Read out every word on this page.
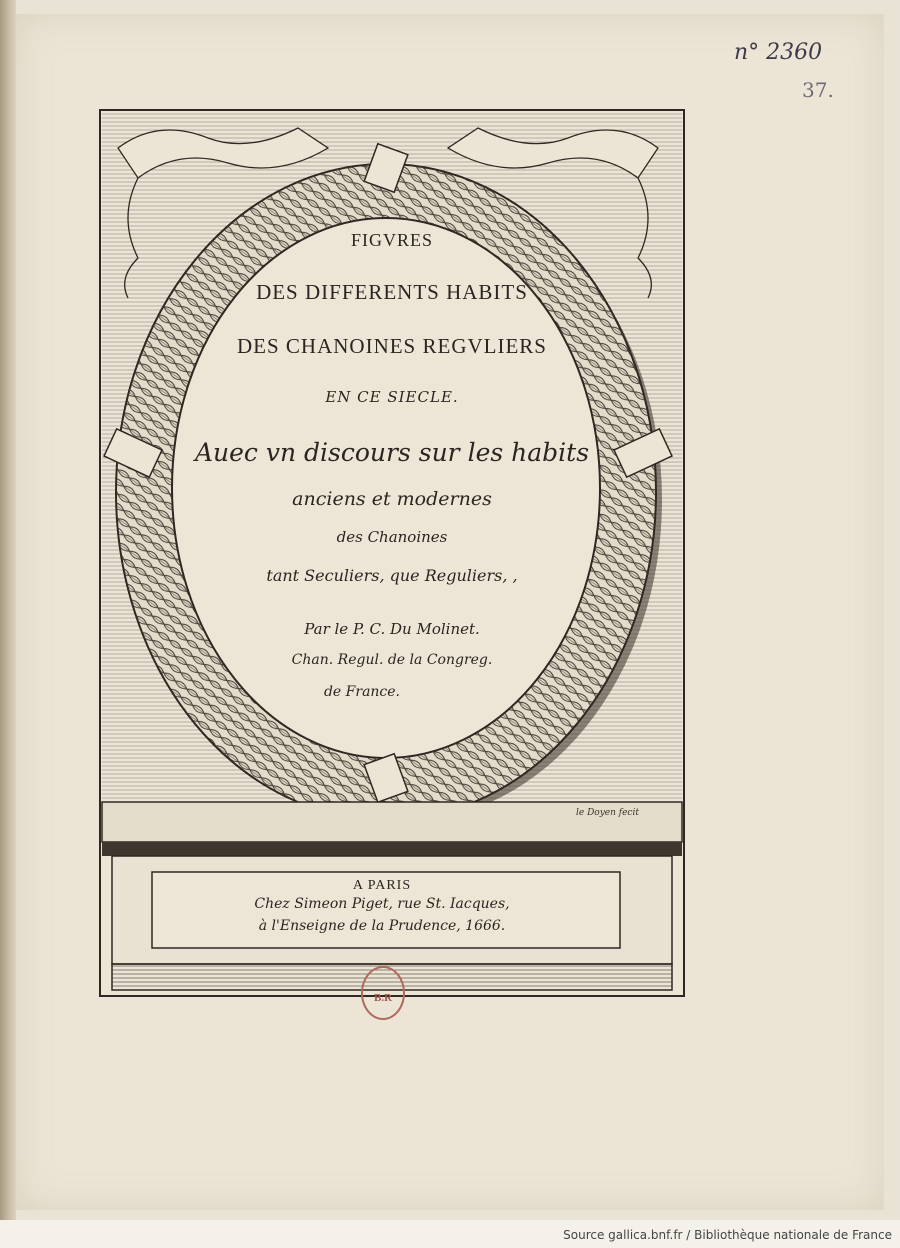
n° 2360
37.
FIGVRES
DES DIFFERENTS HABITS
DES CHANOINES REGVLIERS
EN CE SIECLE.
Auec vn discours sur les habits
anciens et modernes
des Chanoines
tant Seculiers, que Reguliers, ,
Par le P. C. Du Molinet.
Chan. Regul. de la Congreg.
de France.
le Doyen fecit
A PARIS
Chez Simeon Piget, rue St. Iacques,
à l'Enseigne de la Prudence, 1666.
B.R
Source gallica.bnf.fr / Bibliothèque nationale de France
